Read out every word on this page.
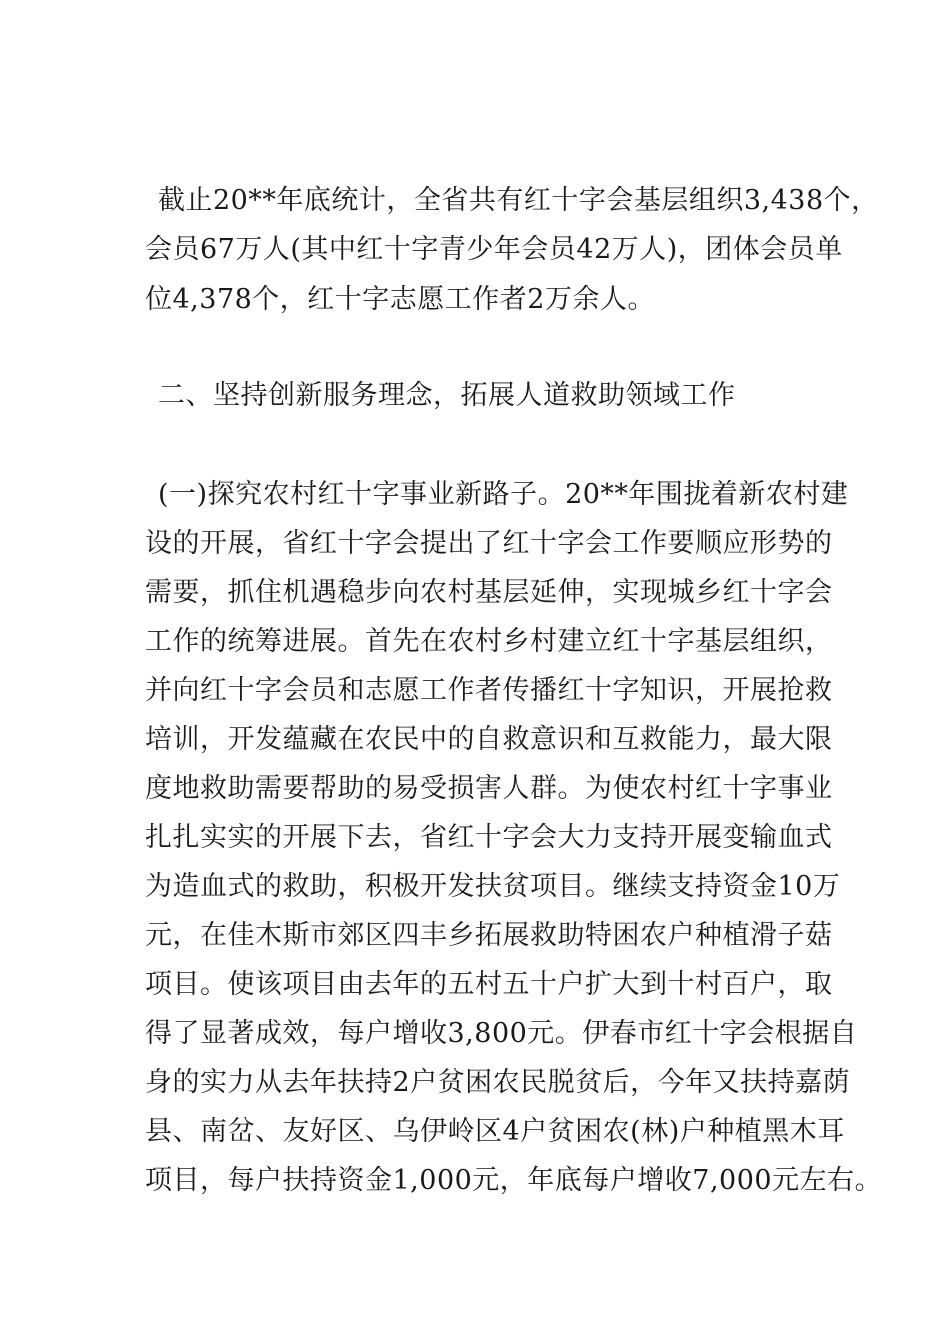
截止20**年底统计，全省共有红十字会基层组织3,438个，

会员67万人(其中红十字青少年会员42万人)，团体会员单

位4,378个，红十字志愿工作者2万余人。

二、坚持创新服务理念，拓展人道救助领域工作

(一)探究农村红十字事业新路子。20**年围拢着新农村建

设的开展，省红十字会提出了红十字会工作要顺应形势的

需要，抓住机遇稳步向农村基层延伸，实现城乡红十字会

工作的统筹进展。首先在农村乡村建立红十字基层组织，

并向红十字会员和志愿工作者传播红十字知识，开展抢救

培训，开发蕴藏在农民中的自救意识和互救能力，最大限

度地救助需要帮助的易受损害人群。为使农村红十字事业

扎扎实实的开展下去，省红十字会大力支持开展变输血式

为造血式的救助，积极开发扶贫项目。继续支持资金10万

元，在佳木斯市郊区四丰乡拓展救助特困农户种植滑子菇

项目。使该项目由去年的五村五十户扩大到十村百户，取

得了显著成效，每户增收3,800元。伊春市红十字会根据自

身的实力从去年扶持2户贫困农民脱贫后，今年又扶持嘉荫

县、南岔、友好区、乌伊岭区4户贫困农(林)户种植黑木耳

项目，每户扶持资金1,000元，年底每户增收7,000元左右。
